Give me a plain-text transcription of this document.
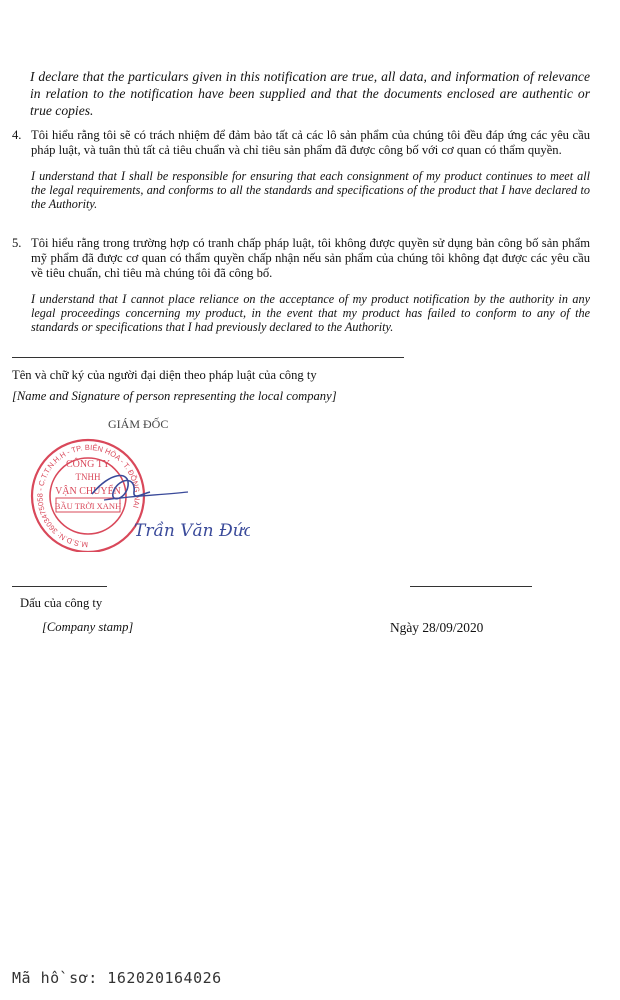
I declare that the particulars given in this notification are true, all data, and information of relevance in relation to the notification have been supplied and that the documents enclosed are authentic or true copies.

4. Tôi hiểu rằng tôi sẽ có trách nhiệm để đảm bảo tất cả các lô sản phẩm của chúng tôi đều đáp ứng các yêu cầu pháp luật, và tuân thủ tất cả tiêu chuẩn và chỉ tiêu sản phẩm đã được công bố với cơ quan có thẩm quyền.

I understand that I shall be responsible for ensuring that each consignment of my product continues to meet all the legal requirements, and conforms to all the standards and specifications of the product that I have declared to the Authority.

5. Tôi hiểu rằng trong trường hợp có tranh chấp pháp luật, tôi không được quyền sử dụng bản công bố sản phẩm mỹ phẩm đã được cơ quan có thẩm quyền chấp nhận nếu sản phẩm của chúng tôi không đạt được các yêu cầu về tiêu chuẩn, chỉ tiêu mà chúng tôi đã công bố.

I understand that I cannot place reliance on the acceptance of my product notification by the authority in any legal proceedings concerning my product, in the event that my product has failed to conform to any of the standards or specifications that I had previously declared to the Authority.

Tên và chữ ký của người đại diện theo pháp luật của công ty

[Name and Signature of person representing the local company]

M.S.D.N: 3603475058 - C.T.T.N.H.H - TP. BIÊN HÒA - T. ĐỒNG NAI
CÔNG TY
TNHH
VẬN CHUYỂN
BẦU TRỜI XANH
GIÁM ĐỐC
Trần Văn Đức

Dấu của công ty

[Company stamp]	Ngày 28/09/2020

Mã hồ sơ: 162020164026
